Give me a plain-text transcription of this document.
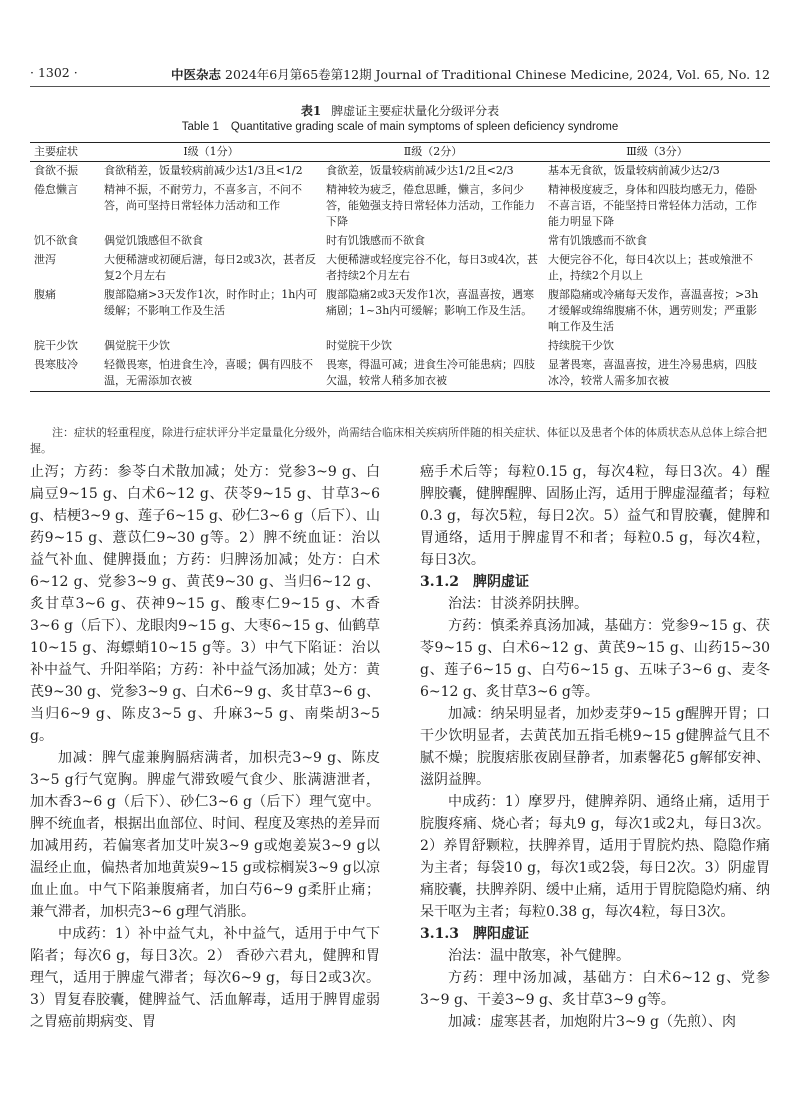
· 1302 ·	中医杂志 2024年6月第65卷第12期 Journal of Traditional Chinese Medicine, 2024, Vol. 65, No. 12
表1 脾虚证主要症状量化分级评分表
Table 1 Quantitative grading scale of main symptoms of spleen deficiency syndrome
主要症状	Ⅰ级（1分）	Ⅱ级（2分）	Ⅲ级（3分）
食欲不振	食欲稍差，饭量较病前减少达1/3且<1/2	食欲差，饭量较病前减少达1/2且<2/3	基本无食欲，饭量较病前减少达2/3
倦怠懒言	精神不振，不耐劳力，不喜多言，不问不答，尚可坚持日常轻体力活动和工作	精神较为疲乏，倦怠思睡，懒言，多问少答，能勉强支持日常轻体力活动，工作能力下降	精神极度疲乏，身体和四肢均感无力，倦卧不喜言语，不能坚持日常轻体力活动，工作能力明显下降
饥不欲食	偶觉饥饿感但不欲食	时有饥饿感而不欲食	常有饥饿感而不欲食
泄泻	大便稀溏或初硬后溏，每日2或3次，甚者反复2个月左右	大便稀溏或轻度完谷不化，每日3或4次，甚者持续2个月左右	大便完谷不化，每日4次以上；甚或飧泄不止，持续2个月以上
腹痛	腹部隐痛>3天发作1次，时作时止；1h内可缓解；不影响工作及生活	腹部隐痛2或3天发作1次，喜温喜按，遇寒痛剧；1~3h内可缓解；影响工作及生活。	腹部隐痛或冷痛每天发作，喜温喜按；>3h才缓解或绵绵腹痛不休，遇劳则发；严重影响工作及生活
脘干少饮	偶觉脘干少饮	时觉脘干少饮	持续脘干少饮
畏寒肢冷	轻微畏寒，怕进食生冷，喜暖；偶有四肢不温，无需添加衣被	畏寒，得温可减；进食生冷可能患病；四肢欠温，较常人稍多加衣被	显著畏寒，喜温喜按，进生冷易患病，四肢冰冷，较常人需多加衣被
注：症状的轻重程度，除进行症状评分半定量量化分级外，尚需结合临床相关疾病所伴随的相关症状、体征以及患者个体的体质状态从总体上综合把握。

止泻；方药：参苓白术散加减；处方：党参3~9 g、白扁豆9~15 g、白术6~12 g、茯苓9~15 g、甘草3~6 g、桔梗3~9 g、莲子6~15 g、砂仁3~6 g（后下）、山药9~15 g、薏苡仁9~30 g等。2）脾不统血证：治以益气补血、健脾摄血；方药：归脾汤加减；处方：白术6~12 g、党参3~9 g、黄芪9~30 g、当归6~12 g、炙甘草3~6 g、茯神9~15 g、酸枣仁9~15 g、木香3~6 g（后下）、龙眼肉9~15 g、大枣6~15 g、仙鹤草10~15 g、海螵蛸10~15 g等。3）中气下陷证：治以补中益气、升阳举陷；方药：补中益气汤加减；处方：黄芪9~30 g、党参3~9 g、白术6~9 g、炙甘草3~6 g、当归6~9 g、陈皮3~5 g、升麻3~5 g、南柴胡3~5 g。

加减：脾气虚兼胸膈痞满者，加枳壳3~9 g、陈皮3~5 g行气宽胸。脾虚气滞致嗳气食少、胀满溏泄者，加木香3~6 g（后下）、砂仁3~6 g（后下）理气宽中。脾不统血者，根据出血部位、时间、程度及寒热的差异而加减用药，若偏寒者加艾叶炭3~9 g或炮姜炭3~9 g以温经止血，偏热者加地黄炭9~15 g或棕榈炭3~9 g以凉血止血。中气下陷兼腹痛者，加白芍6~9 g柔肝止痛；兼气滞者，加枳壳3~6 g理气消胀。

中成药：1）补中益气丸，补中益气，适用于中气下陷者；每次6 g，每日3次。2） 香砂六君丸，健脾和胃理气，适用于脾虚气滞者；每次6~9 g，每日2或3次。3）胃复春胶囊，健脾益气、活血解毒，适用于脾胃虚弱之胃癌前期病变、胃

癌手术后等；每粒0.15 g，每次4粒，每日3次。4）醒脾胶囊，健脾醒脾、固肠止泻，适用于脾虚湿蕴者；每粒0.3 g，每次5粒，每日2次。5）益气和胃胶囊，健脾和胃通络，适用于脾虚胃不和者；每粒0.5 g，每次4粒，每日3次。

3.1.2　脾阴虚证

治法：甘淡养阴扶脾。

方药：慎柔养真汤加减，基础方：党参9~15 g、茯苓9~15 g、白术6~12 g、黄芪9~15 g、山药15~30 g、莲子6~15 g、白芍6~15 g、五味子3~6 g、麦冬6~12 g、炙甘草3~6 g等。

加减：纳呆明显者，加炒麦芽9~15 g醒脾开胃；口干少饮明显者，去黄芪加五指毛桃9~15 g健脾益气且不腻不燥；脘腹痞胀夜剧昼静者，加素馨花5 g解郁安神、滋阴益脾。

中成药：1）摩罗丹，健脾养阴、通络止痛，适用于脘腹疼痛、烧心者；每丸9 g，每次1或2丸，每日3次。2）养胃舒颗粒，扶脾养胃，适用于胃脘灼热、隐隐作痛为主者；每袋10 g，每次1或2袋，每日2次。3）阴虚胃痛胶囊，扶脾养阴、缓中止痛，适用于胃脘隐隐灼痛、纳呆干呕为主者；每粒0.38 g，每次4粒，每日3次。

3.1.3　脾阳虚证

治法：温中散寒，补气健脾。

方药：理中汤加减，基础方：白术6~12 g、党参3~9 g、干姜3~9 g、炙甘草3~9 g等。

加减：虚寒甚者，加炮附片3~9 g（先煎）、肉
